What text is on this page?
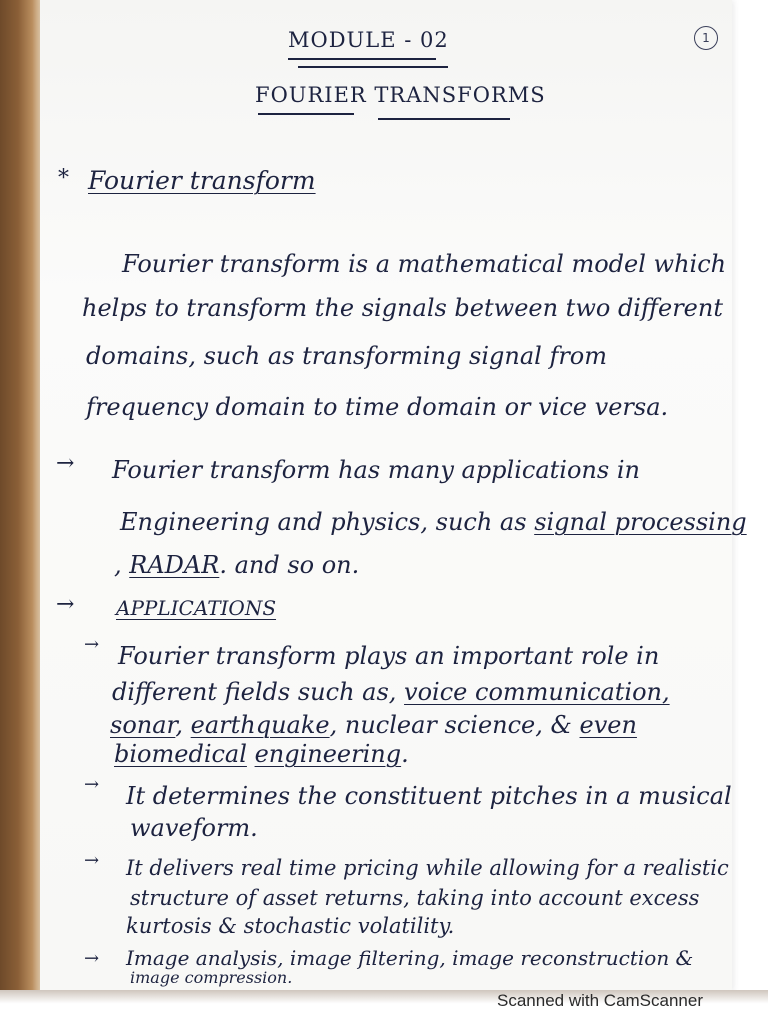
1
MODULE - 02
FOURIER TRANSFORMS
* Fourier transform
Fourier transform is a mathematical model which
helps to transform the signals between two different
domains, such as transforming signal from
frequency domain to time domain or vice versa.
→ Fourier transform has many applications in
Engineering and physics, such as signal processing
, RADAR. and so on.
→ APPLICATIONS
→ Fourier transform plays an important role in
different fields such as, voice communication,
sonar, earthquake, nuclear science, & even
biomedical engineering.
→ It determines the constituent pitches in a musical
waveform.
→ It delivers real time pricing while allowing for a realistic
structure of asset returns, taking into account excess
kurtosis & stochastic volatility.
→ Image analysis, image filtering, image reconstruction &
image compression.
Scanned with CamScanner
